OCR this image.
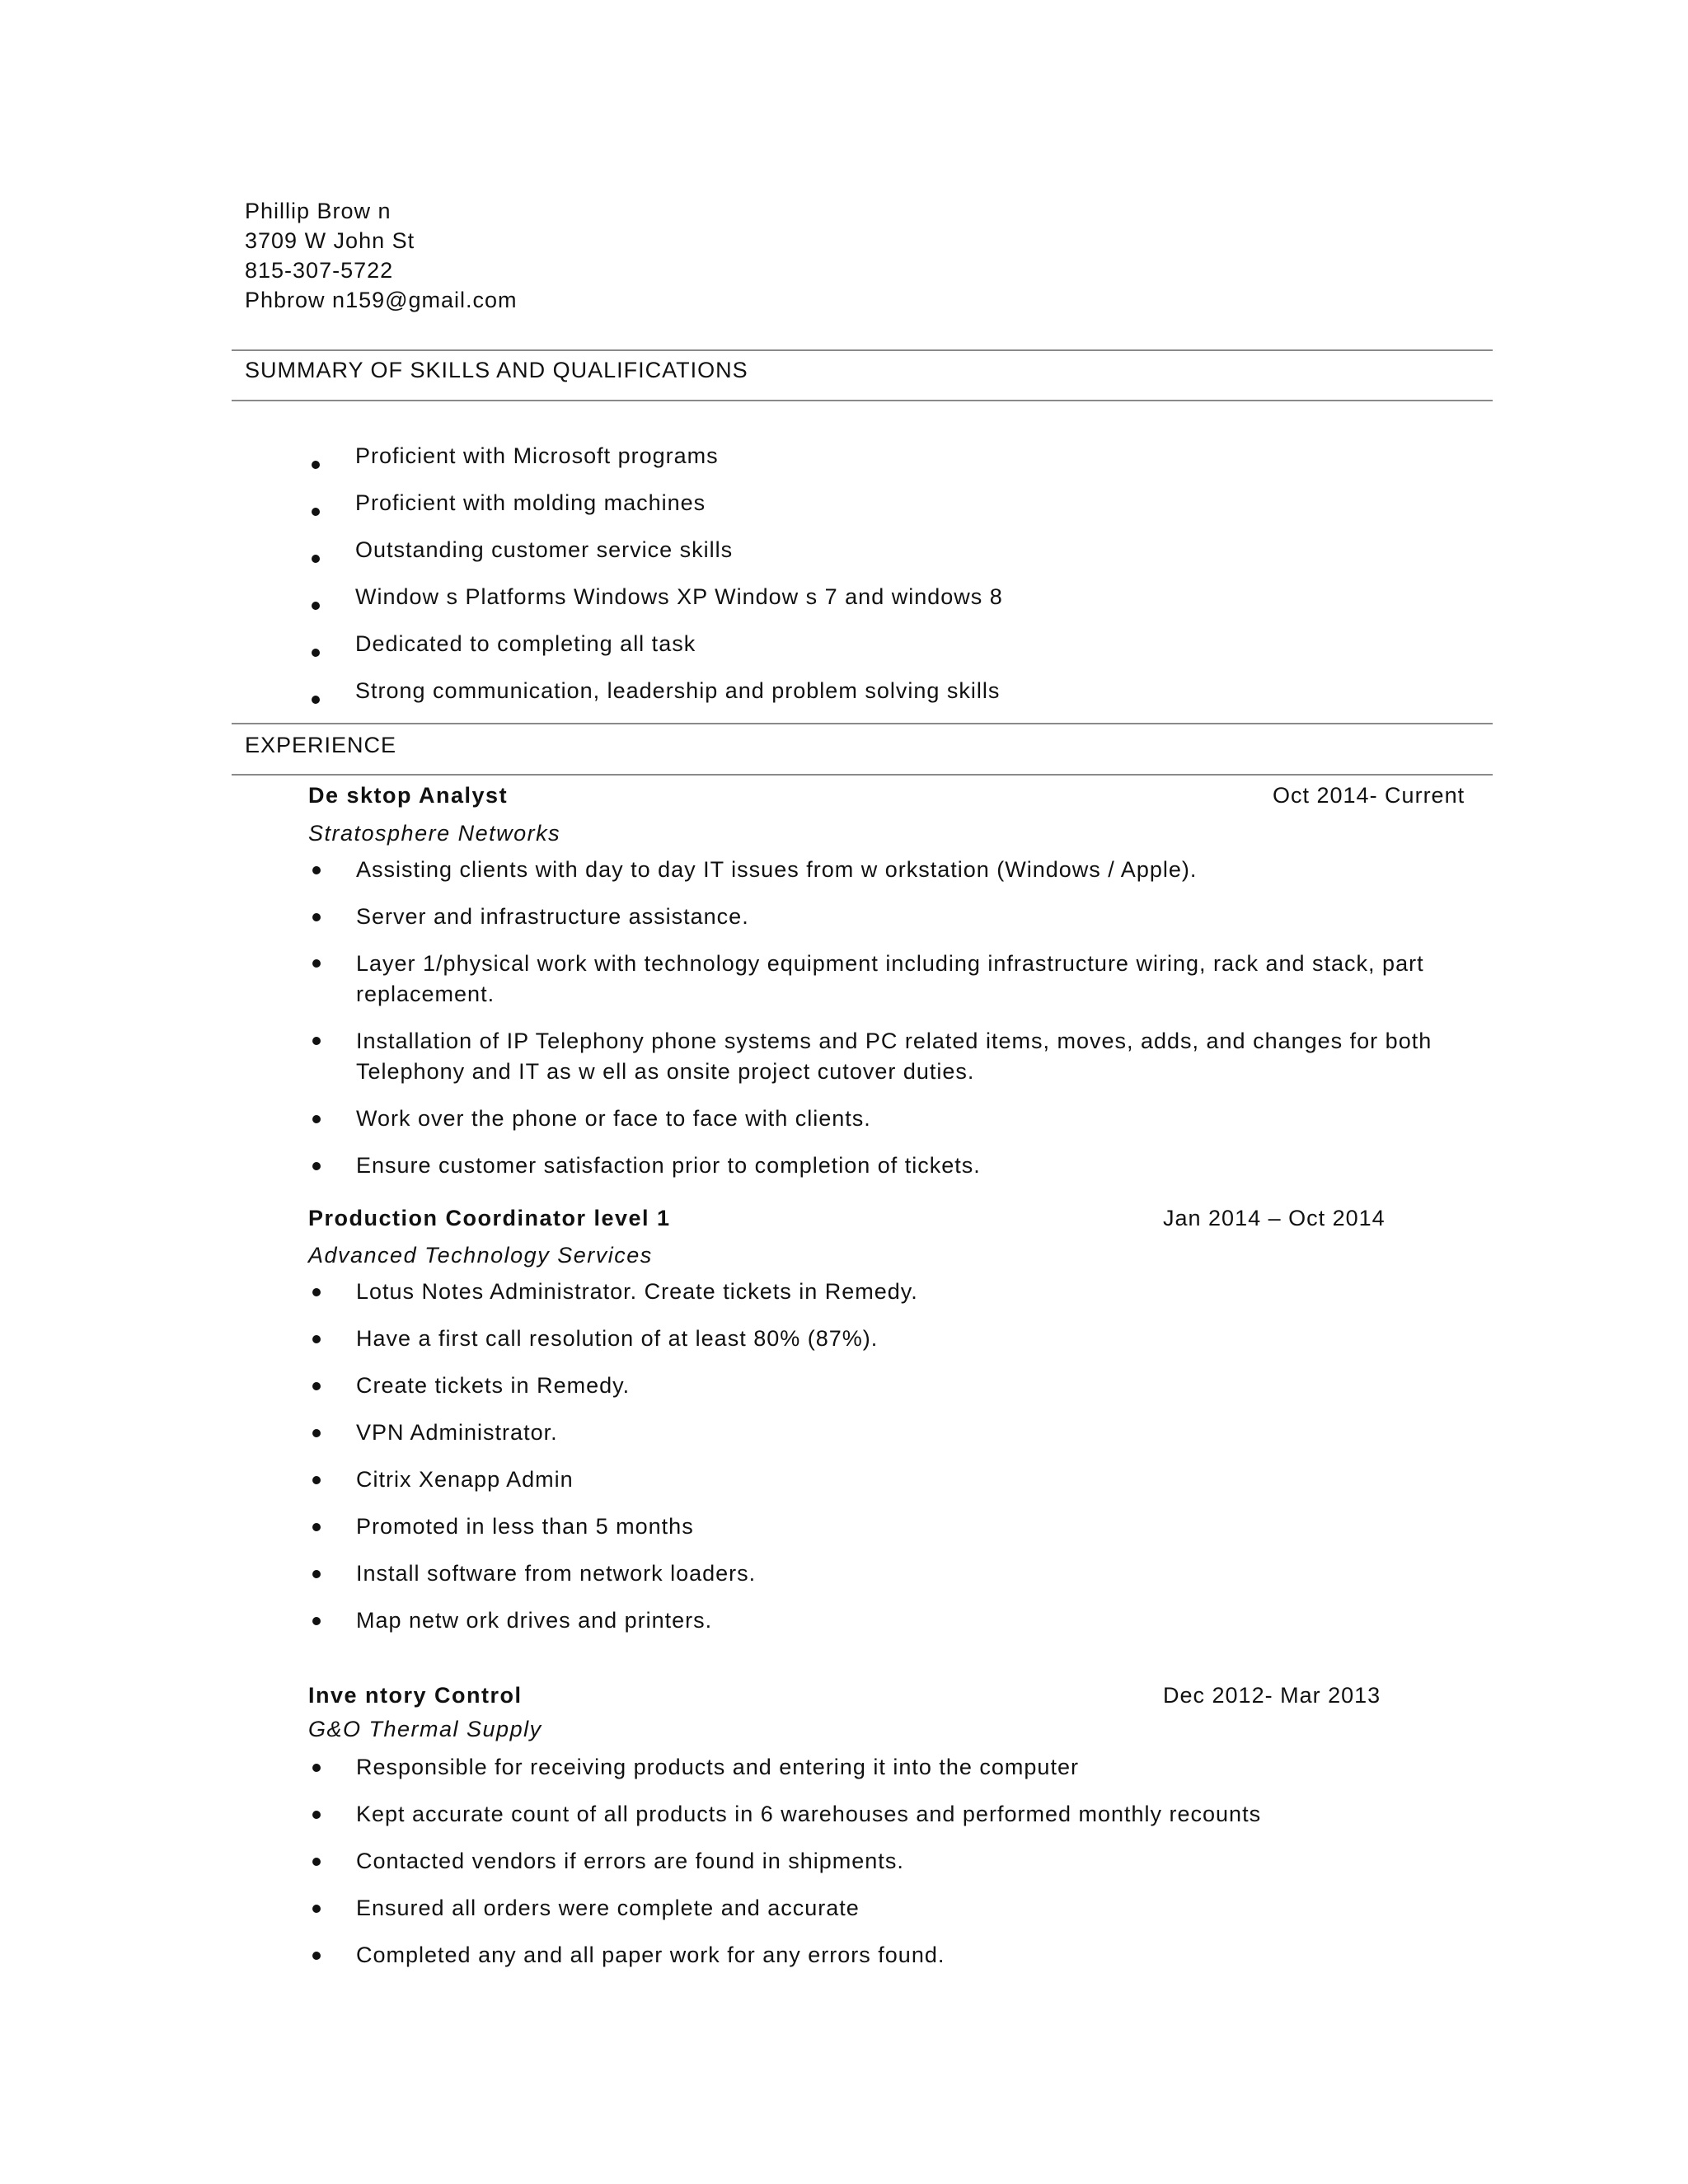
Phillip Brow n
3709 W John St
815-307-5722
Phbrow n159@gmail.com
SUMMARY OF SKILLS AND QUALIFICATIONS
Proficient with Microsoft programs
Proficient with molding machines
Outstanding customer service skills
Window s Platforms Windows XP Window s 7 and windows 8
Dedicated to completing all task
Strong communication, leadership and problem solving skills
EXPERIENCE
De sktop Analyst	Oct 2014- Current
Stratosphere Networks
Assisting clients with day to day IT issues from w orkstation (Windows / Apple).
Server and infrastructure assistance.
Layer 1/physical work with technology equipment including infrastructure wiring, rack and stack, part replacement.
Installation of IP Telephony phone systems and PC related items, moves, adds, and changes for both Telephony and IT as w ell as onsite project cutover duties.
Work over the phone or face to face with clients.
Ensure customer satisfaction prior to completion of tickets.
Production Coordinator level 1	Jan 2014 – Oct 2014
Advanced Technology Services
Lotus Notes Administrator. Create tickets in Remedy.
Have a first call resolution of at least 80% (87%).
Create tickets in Remedy.
VPN Administrator.
Citrix Xenapp Admin
Promoted in less than 5 months
Install software from network loaders.
Map netw ork drives and printers.
Inve ntory Control	Dec 2012- Mar 2013
G&O Thermal Supply
Responsible for receiving products and entering it into the computer
Kept accurate count of all products in 6 warehouses and performed monthly recounts
Contacted vendors if errors are found in shipments.
Ensured all orders were complete and accurate
Completed any and all paper work for any errors found.
